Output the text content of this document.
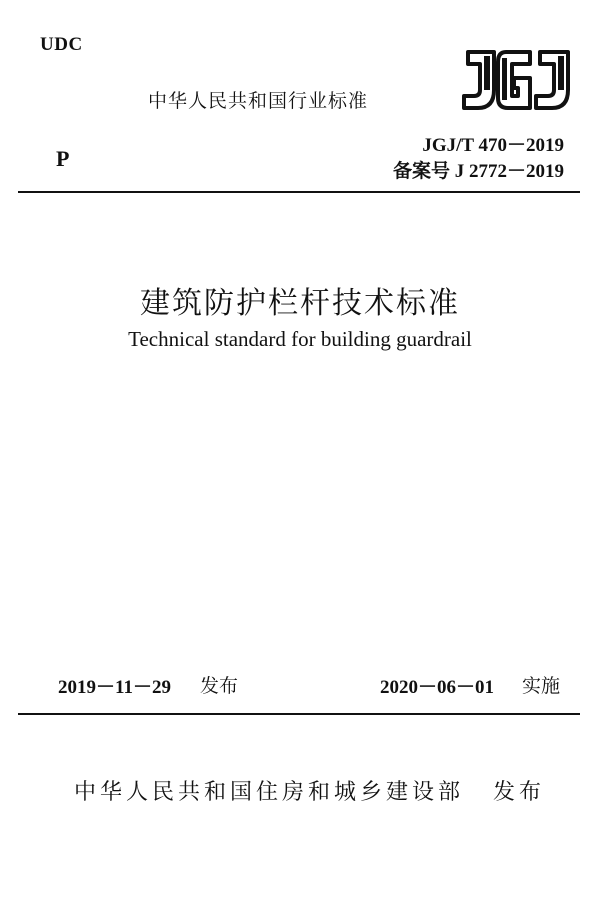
UDC
中华人民共和国行业标准
P
JGJ/T 470－2019
备案号 J 2772－2019
建筑防护栏杆技术标准
Technical standard for building guardrail
2019－11－29 发布	2020－06－01 实施
中华人民共和国住房和城乡建设部 发布
